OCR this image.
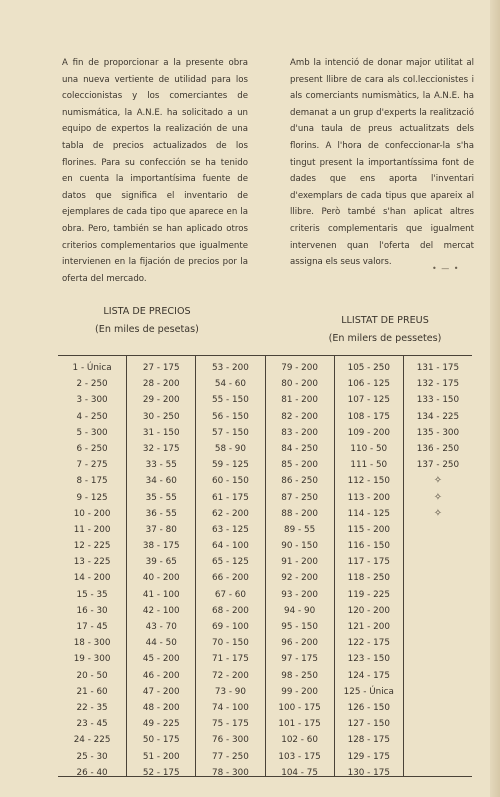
A fin de proporcionar a la presente obra una nueva vertiente de utilidad para los coleccionistas y los comerciantes de numismática, la A.N.E. ha solicitado a un equipo de expertos la realización de una tabla de precios actualizados de los florines. Para su confección se ha tenido en cuenta la importantísima fuente de datos que significa el inventario de ejemplares de cada tipo que aparece en la obra. Pero, también se han aplicado otros criterios complementarios que igualmente intervienen en la fijación de precios por la oferta del mercado.

Amb la intenció de donar major utilitat al present llibre de cara als col.leccionistes i als comerciants numismàtics, la A.N.E. ha demanat a un grup d'experts la realització d'una taula de preus actualitzats dels florins. A l'hora de confeccionar-la s'ha tingut present la importantíssima font de dades que ens aporta l'inventari d'exemplars de cada tipus que apareix al llibre. Però també s'han aplicat altres criteris complementaris que igualment intervenen quan l'oferta del mercat assigna els seus valors.

• — •
LISTA DE PRECIOS
(En miles de pesetas)
LLISTAT DE PREUS
(En milers de pessetes)
1 - Única
2 - 250
3 - 300
4 - 250
5 - 300
6 - 250
7 - 275
8 - 175
9 - 125
10 - 200
11 - 200
12 - 225
13 - 225
14 - 200
15 - 35
16 - 30
17 - 45
18 - 300
19 - 300
20 - 50
21 - 60
22 - 35
23 - 45
24 - 225
25 - 30
26 - 40
27 - 175
28 - 200
29 - 200
30 - 250
31 - 150
32 - 175
33 - 55
34 - 60
35 - 55
36 - 55
37 - 80
38 - 175
39 - 65
40 - 200
41 - 100
42 - 100
43 - 70
44 - 50
45 - 200
46 - 200
47 - 200
48 - 200
49 - 225
50 - 175
51 - 200
52 - 175
53 - 200
54 - 60
55 - 150
56 - 150
57 - 150
58 - 90
59 - 125
60 - 150
61 - 175
62 - 200
63 - 125
64 - 100
65 - 125
66 - 200
67 - 60
68 - 200
69 - 100
70 - 150
71 - 175
72 - 200
73 - 90
74 - 100
75 - 175
76 - 300
77 - 250
78 - 300
79 - 200
80 - 200
81 - 200
82 - 200
83 - 200
84 - 250
85 - 200
86 - 250
87 - 250
88 - 200
89 - 55
90 - 150
91 - 200
92 - 200
93 - 200
94 - 90
95 - 150
96 - 200
97 - 175
98 - 250
99 - 200
100 - 175
101 - 175
102 - 60
103 - 175
104 - 75
105 - 250
106 - 125
107 - 125
108 - 175
109 - 200
110 - 50
111 - 50
112 - 150
113 - 200
114 - 125
115 - 200
116 - 150
117 - 175
118 - 250
119 - 225
120 - 200
121 - 200
122 - 175
123 - 150
124 - 175
125 - Única
126 - 150
127 - 150
128 - 175
129 - 175
130 - 175
131 - 175
132 - 175
133 - 150
134 - 225
135 - 300
136 - 250
137 - 250
✧
✧
✧
